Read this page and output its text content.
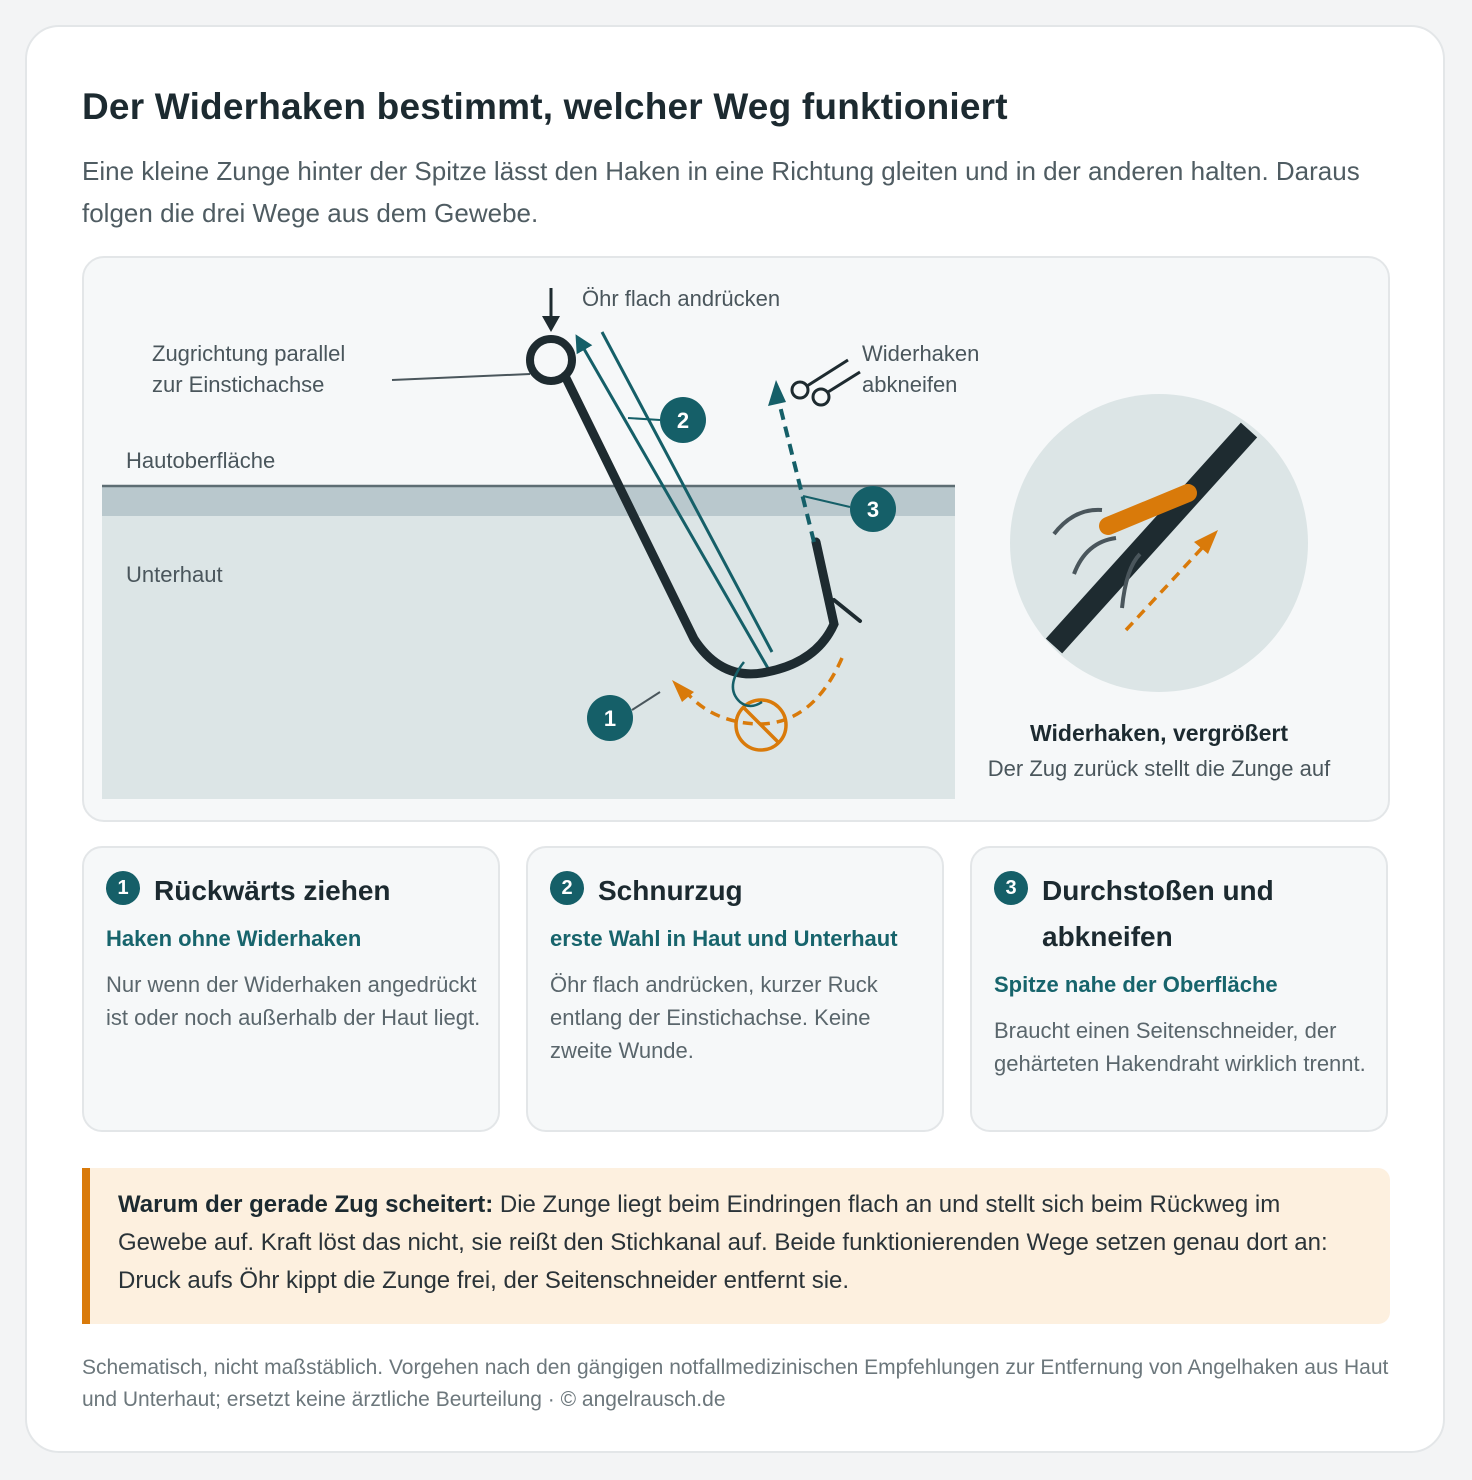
Der Widerhaken bestimmt, welcher Weg funktioniert

Eine kleine Zunge hinter der Spitze lässt den Haken in eine Richtung gleiten und in der anderen halten. Daraus folgen die drei Wege aus dem Gewebe.

Hautoberfläche
Unterhaut
Öhr flach andrücken
Zugrichtung parallel
zur Einstichachse
Widerhaken
abkneifen
2
3
1
Widerhaken, vergrößert
Der Zug zurück stellt die Zunge auf
1 Rückwärts ziehen

Haken ohne Widerhaken

Nur wenn der Widerhaken angedrückt ist oder noch außerhalb der Haut liegt.

2 Schnurzug

erste Wahl in Haut und Unterhaut

Öhr flach andrücken, kurzer Ruck entlang der Einstichachse. Keine zweite Wunde.

3 Durchstoßen und abkneifen

Spitze nahe der Oberfläche

Braucht einen Seitenschneider, der gehärteten Hakendraht wirklich trennt.

Warum der gerade Zug scheitert: Die Zunge liegt beim Eindringen flach an und stellt sich beim Rückweg im Gewebe auf. Kraft löst das nicht, sie reißt den Stichkanal auf. Beide funktionierenden Wege setzen genau dort an: Druck aufs Öhr kippt die Zunge frei, der Seitenschneider entfernt sie.

Schematisch, nicht maßstäblich. Vorgehen nach den gängigen notfallmedizinischen Empfehlungen zur Entfernung von Angelhaken aus Haut und Unterhaut; ersetzt keine ärztliche Beurteilung · © angelrausch.de
